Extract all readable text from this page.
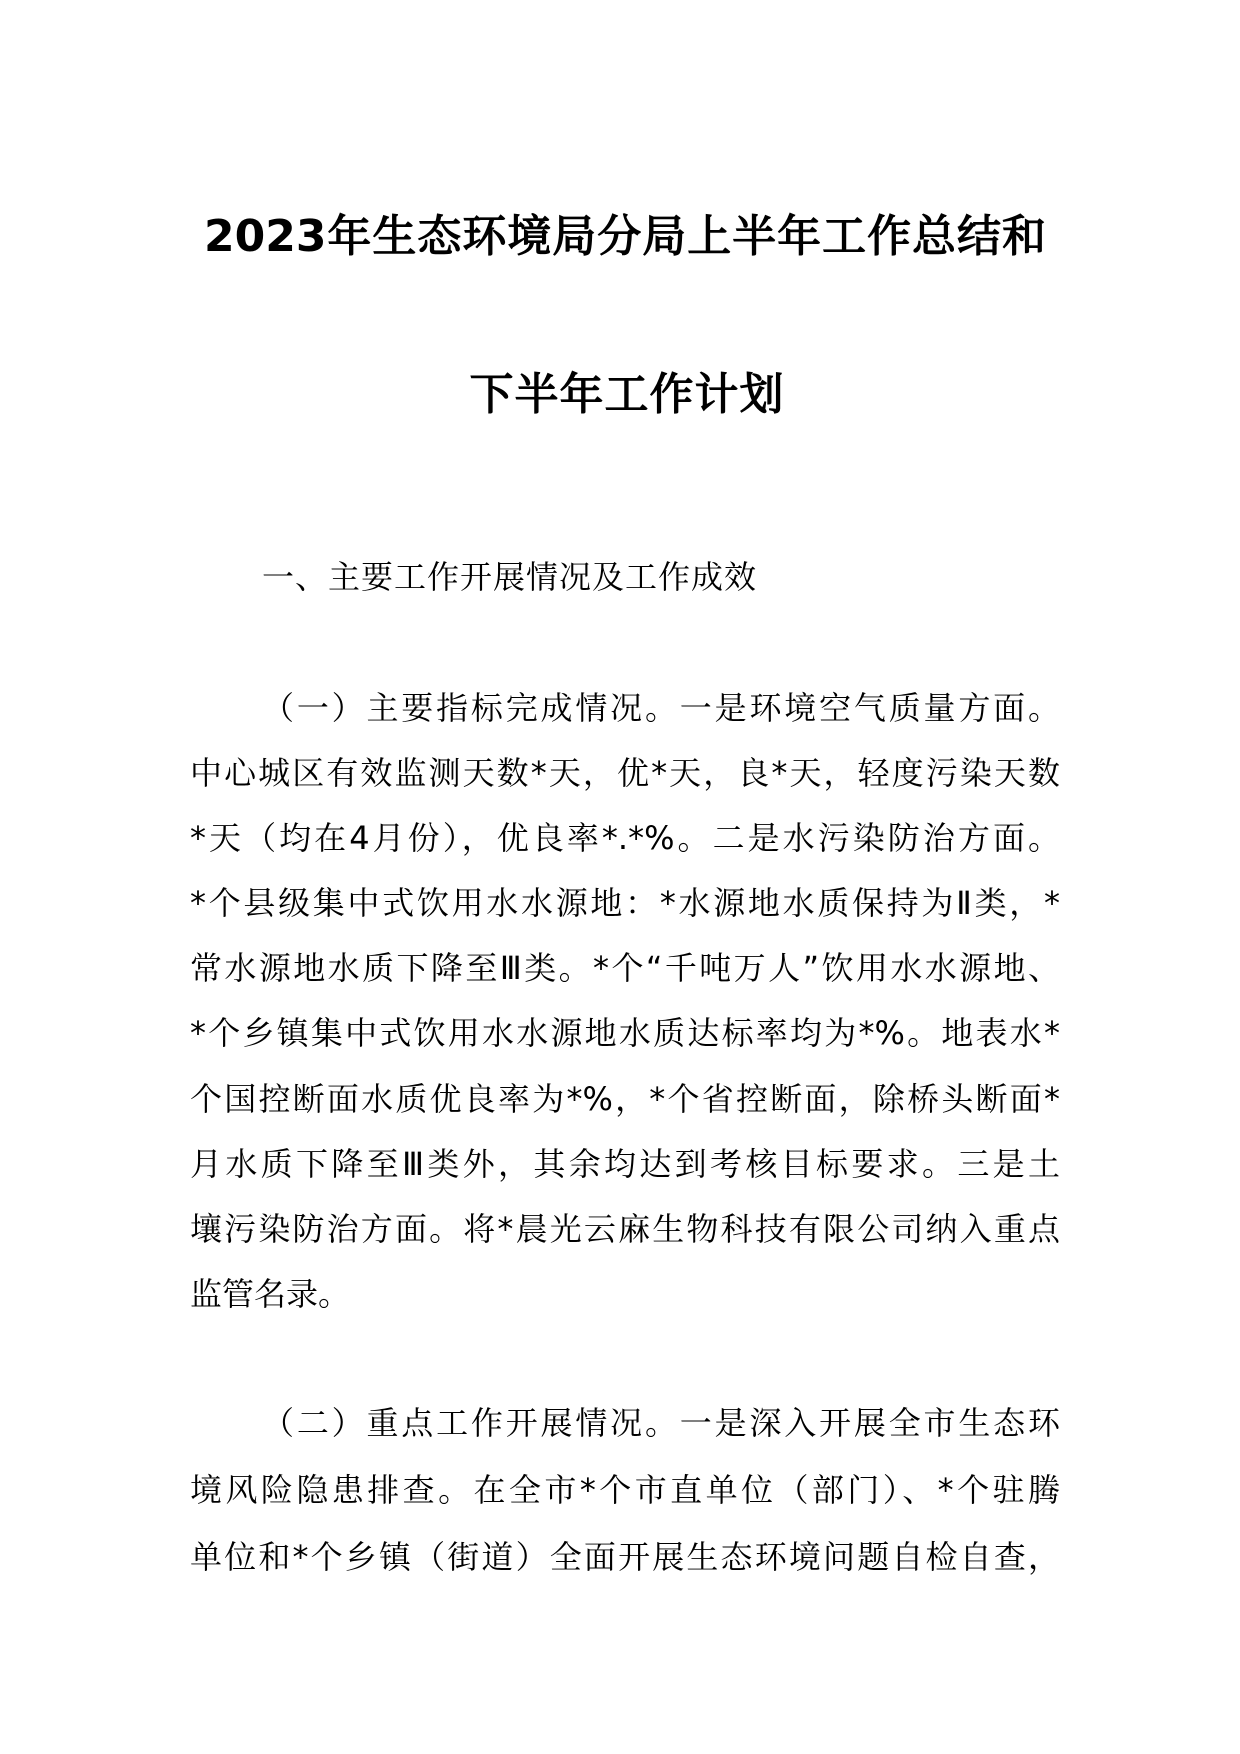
2023年生态环境局分局上半年工作总结和
下半年工作计划
一、主要工作开展情况及工作成效
（一）主要指标完成情况。一是环境空气质量方面。
中心城区有效监测天数*天，优*天，良*天，轻度污染天数
*天（均在4月份），优良率*.*%。二是水污染防治方面。
*个县级集中式饮用水水源地：*水源地水质保持为Ⅱ类，*
常水源地水质下降至Ⅲ类。*个“千吨万人”饮用水水源地、
*个乡镇集中式饮用水水源地水质达标率均为*%。地表水*
个国控断面水质优良率为*%，*个省控断面，除桥头断面*
月水质下降至Ⅲ类外，其余均达到考核目标要求。三是土
壤污染防治方面。将*晨光云麻生物科技有限公司纳入重点
监管名录。
（二）重点工作开展情况。一是深入开展全市生态环
境风险隐患排查。在全市*个市直单位（部门）、*个驻腾
单位和*个乡镇（街道）全面开展生态环境问题自检自查，
